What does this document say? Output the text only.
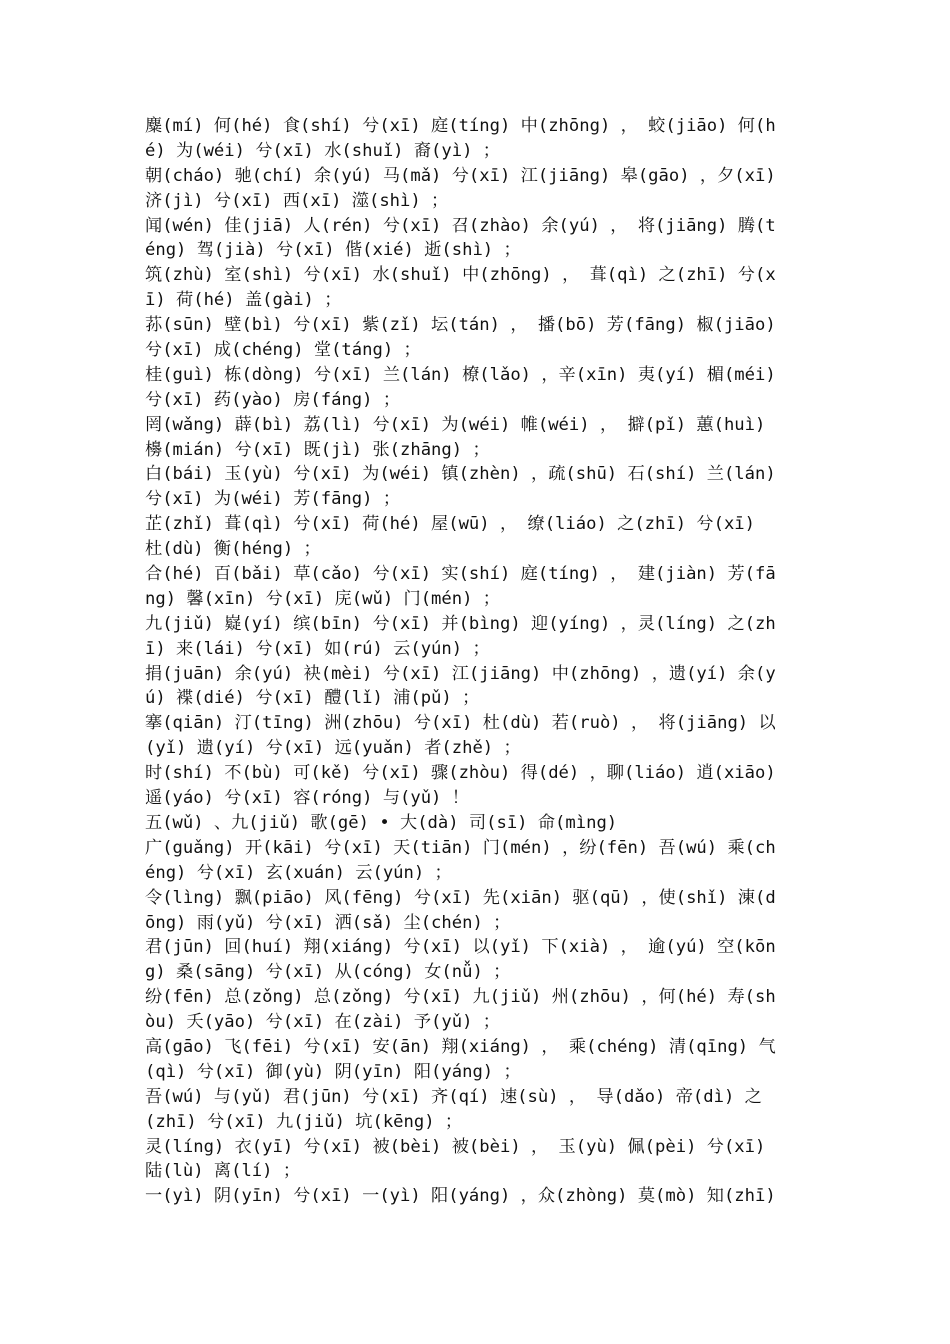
麋(mí) 何(hé) 食(shí) 兮(xī) 庭(tíng) 中(zhōng) ， 蛟(jiāo) 何(h
é) 为(wéi) 兮(xī) 水(shuǐ) 裔(yì) ；
朝(cháo) 驰(chí) 余(yú) 马(mǎ) 兮(xī) 江(jiāng) 皋(gāo) ，夕(xī)
济(jì) 兮(xī) 西(xī) 澨(shì) ；
闻(wén) 佳(jiā) 人(rén) 兮(xī) 召(zhào) 余(yú) ， 将(jiāng) 腾(t
éng) 驾(jià) 兮(xī) 偕(xié) 逝(shì) ；
筑(zhù) 室(shì) 兮(xī) 水(shuǐ) 中(zhōng) ， 葺(qì) 之(zhī) 兮(x
ī) 荷(hé) 盖(gài) ；
荪(sūn) 壁(bì) 兮(xī) 紫(zǐ) 坛(tán) ， 播(bō) 芳(fāng) 椒(jiāo)
兮(xī) 成(chéng) 堂(táng) ；
桂(guì) 栋(dòng) 兮(xī) 兰(lán) 橑(lǎo) ，辛(xīn) 夷(yí) 楣(méi)
兮(xī) 药(yào) 房(fáng) ；
罔(wǎng) 薜(bì) 荔(lì) 兮(xī) 为(wéi) 帷(wéi) ， 擗(pǐ) 蕙(huì)
櫋(mián) 兮(xī) 既(jì) 张(zhāng) ；
白(bái) 玉(yù) 兮(xī) 为(wéi) 镇(zhèn) ，疏(shū) 石(shí) 兰(lán)
兮(xī) 为(wéi) 芳(fāng) ；
芷(zhǐ) 葺(qì) 兮(xī) 荷(hé) 屋(wū) ， 缭(liáo) 之(zhī) 兮(xī)
杜(dù) 衡(héng) ；
合(hé) 百(bǎi) 草(cǎo) 兮(xī) 实(shí) 庭(tíng) ， 建(jiàn) 芳(fā
ng) 馨(xīn) 兮(xī) 庑(wǔ) 门(mén) ；
九(jiǔ) 嶷(yí) 缤(bīn) 兮(xī) 并(bìng) 迎(yíng) ，灵(líng) 之(zh
ī) 来(lái) 兮(xī) 如(rú) 云(yún) ；
捐(juān) 余(yú) 袂(mèi) 兮(xī) 江(jiāng) 中(zhōng) ，遗(yí) 余(y
ú) 褋(dié) 兮(xī) 醴(lǐ) 浦(pǔ) ；
搴(qiān) 汀(tīng) 洲(zhōu) 兮(xī) 杜(dù) 若(ruò) ， 将(jiāng) 以
(yǐ) 遗(yí) 兮(xī) 远(yuǎn) 者(zhě) ；
时(shí) 不(bù) 可(kě) 兮(xī) 骤(zhòu) 得(dé) ，聊(liáo) 逍(xiāo)
遥(yáo) 兮(xī) 容(róng) 与(yǔ) ！
五(wǔ) 、九(jiǔ) 歌(gē) • 大(dà) 司(sī) 命(mìng)
广(guǎng) 开(kāi) 兮(xī) 天(tiān) 门(mén) ，纷(fēn) 吾(wú) 乘(ch
éng) 兮(xī) 玄(xuán) 云(yún) ；
令(lìng) 飘(piāo) 风(fēng) 兮(xī) 先(xiān) 驱(qū) ，使(shǐ) 涷(d
ōng) 雨(yǔ) 兮(xī) 洒(sǎ) 尘(chén) ；
君(jūn) 回(huí) 翔(xiáng) 兮(xī) 以(yǐ) 下(xià) ， 逾(yú) 空(kōn
g) 桑(sāng) 兮(xī) 从(cóng) 女(nǚ) ；
纷(fēn) 总(zǒng) 总(zǒng) 兮(xī) 九(jiǔ) 州(zhōu) ，何(hé) 寿(sh
òu) 夭(yāo) 兮(xī) 在(zài) 予(yǔ) ；
高(gāo) 飞(fēi) 兮(xī) 安(ān) 翔(xiáng) ， 乘(chéng) 清(qīng) 气
(qì) 兮(xī) 御(yù) 阴(yīn) 阳(yáng) ；
吾(wú) 与(yǔ) 君(jūn) 兮(xī) 齐(qí) 速(sù) ， 导(dǎo) 帝(dì) 之
(zhī) 兮(xī) 九(jiǔ) 坑(kēng) ；
灵(líng) 衣(yī) 兮(xī) 被(bèi) 被(bèi) ， 玉(yù) 佩(pèi) 兮(xī)
陆(lù) 离(lí) ；
一(yì) 阴(yīn) 兮(xī) 一(yì) 阳(yáng) ，众(zhòng) 莫(mò) 知(zhī)
